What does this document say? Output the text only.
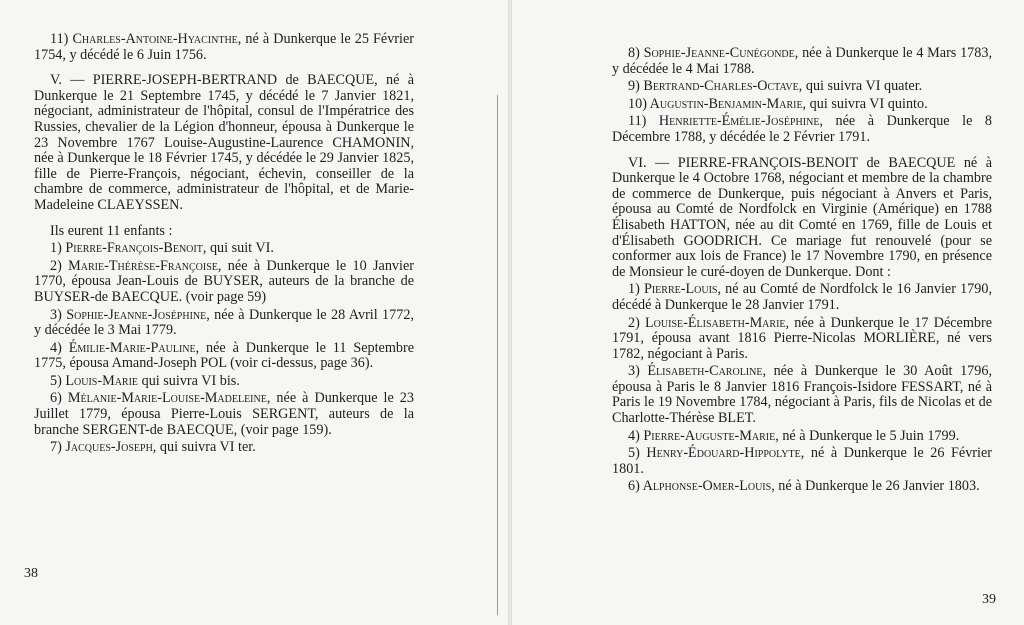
11) Charles-Antoine-Hyacinthe, né à Dunkerque le 25 Février 1754, y décédé le 6 Juin 1756.

V. — PIERRE-JOSEPH-BERTRAND de BAECQUE, né à Dunkerque le 21 Septembre 1745, y décédé le 7 Janvier 1821, négociant, administrateur de l'hôpital, consul de l'Impératrice des Russies, chevalier de la Légion d'honneur, épousa à Dunkerque le 23 Novembre 1767 Louise-Augustine-Laurence CHAMONIN, née à Dunkerque le 18 Février 1745, y décédée le 29 Janvier 1825, fille de Pierre-François, négociant, échevin, conseiller de la chambre de commerce, administrateur de l'hôpital, et de Marie-Madeleine CLAEYSSEN.

Ils eurent 11 enfants :

1) Pierre-François-Benoit, qui suit VI.

2) Marie-Thérèse-Françoise, née à Dunkerque le 10 Janvier 1770, épousa Jean-Louis de BUYSER, auteurs de la branche de BUYSER-de BAECQUE. (voir page 59)

3) Sophie-Jeanne-Joséphine, née à Dunkerque le 28 Avril 1772, y décédée le 3 Mai 1779.

4) Émilie-Marie-Pauline, née à Dunkerque le 11 Septembre 1775, épousa Amand-Joseph POL (voir ci-dessus, page 36).

5) Louis-Marie qui suivra VI bis.

6) Mélanie-Marie-Louise-Madeleine, née à Dunkerque le 23 Juillet 1779, épousa Pierre-Louis SERGENT, auteurs de la branche SERGENT-de BAECQUE, (voir page 159).

7) Jacques-Joseph, qui suivra VI ter.

38

8) Sophie-Jeanne-Cunégonde, née à Dunkerque le 4 Mars 1783, y décédée le 4 Mai 1788.

9) Bertrand-Charles-Octave, qui suivra VI quater.

10) Augustin-Benjamin-Marie, qui suivra VI quinto.

11) Henriette-Émélie-Joséphine, née à Dunkerque le 8 Décembre 1788, y décédée le 2 Février 1791.

VI. — PIERRE-FRANÇOIS-BENOIT de BAECQUE né à Dunkerque le 4 Octobre 1768, négociant et membre de la chambre de commerce de Dunkerque, puis négociant à Anvers et Paris, épousa au Comté de Nordfolck en Virginie (Amérique) en 1788 Élisabeth HATTON, née au dit Comté en 1769, fille de Louis et d'Élisabeth GOODRICH. Ce mariage fut renouvelé (pour se conformer aux lois de France) le 17 Novembre 1790, en présence de Monsieur le curé-doyen de Dunkerque. Dont :

1) Pierre-Louis, né au Comté de Nordfolck le 16 Janvier 1790, décédé à Dunkerque le 28 Janvier 1791.

2) Louise-Élisabeth-Marie, née à Dunkerque le 17 Décembre 1791, épousa avant 1816 Pierre-Nicolas MORLIÈRE, né vers 1782, négociant à Paris.

3) Élisabeth-Caroline, née à Dunkerque le 30 Août 1796, épousa à Paris le 8 Janvier 1816 François-Isidore FESSART, né à Paris le 19 Novembre 1784, négociant à Paris, fils de Nicolas et de Charlotte-Thérèse BLET.

4) Pierre-Auguste-Marie, né à Dunkerque le 5 Juin 1799.

5) Henry-Édouard-Hippolyte, né à Dunkerque le 26 Février 1801.

6) Alphonse-Omer-Louis, né à Dunkerque le 26 Janvier 1803.

39
